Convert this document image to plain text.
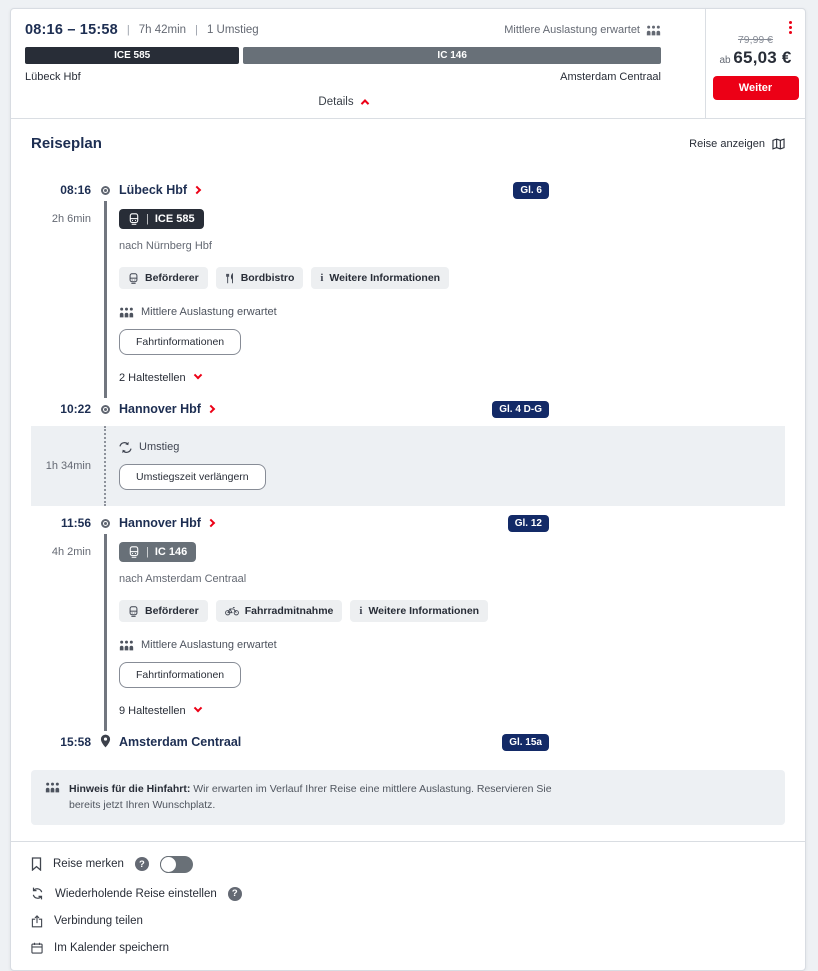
08:16 – 15:58 | 7h 42min | 1 Umstieg	Mittlere Auslastung erwartet
ICE 585	IC 146
Lübeck Hbf	Amsterdam Centraal
Details
79,99 €
ab 65,03 €
Weiter
Reiseplan	Reise anzeigen
08:16 Lübeck Hbf	Gl. 6
2h 6min	| ICE 585
nach Nürnberg Hbf
Beförderer	Bordbistro i Weitere Informationen
Mittlere Auslastung erwartet
Fahrtinformationen
2 Haltestellen
10:22 Hannover Hbf	Gl. 4 D-G
1h 34min
Umstieg
Umstiegszeit verlängern
11:56 Hannover Hbf	Gl. 12
4h 2min	| IC 146
nach Amsterdam Centraal
Beförderer	Fahrradmitnahme i Weitere Informationen
Mittlere Auslastung erwartet
Fahrtinformationen
9 Haltestellen
15:58 Amsterdam Centraal	Gl. 15a

Hinweis für die Hinfahrt: Wir erwarten im Verlauf Ihrer Reise eine mittlere Auslastung. Reservieren Sie bereits jetzt Ihren Wunschplatz.

Reise merken	?
Wiederholende Reise einstellen	?
Verbindung teilen
Im Kalender speichern
